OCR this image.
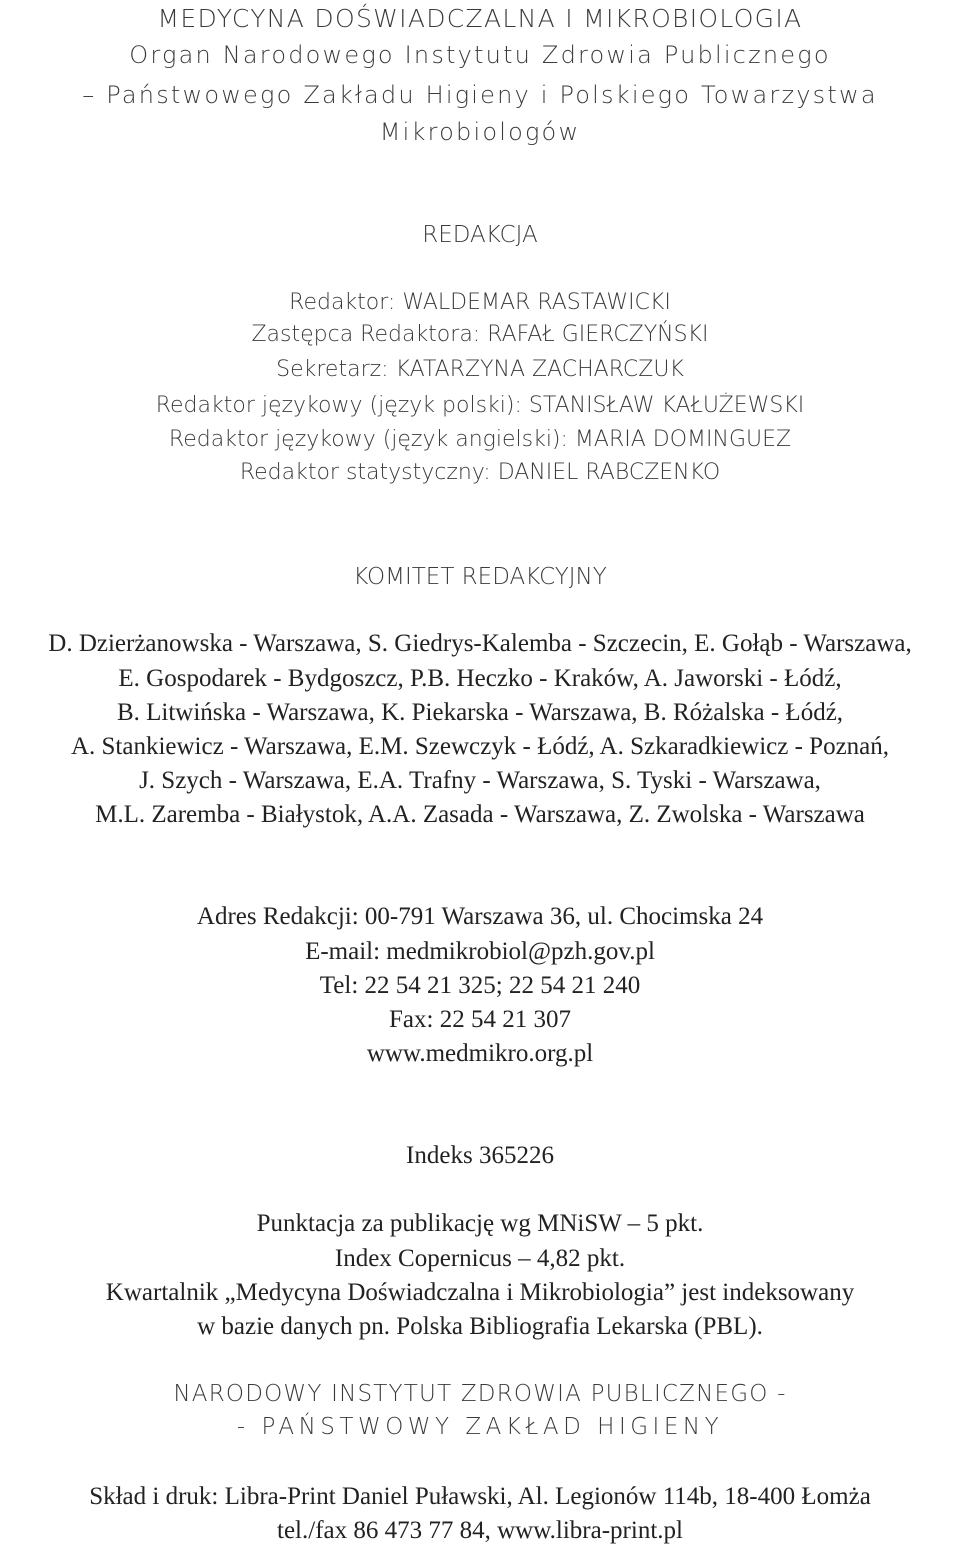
MEDYCYNA DOŚWIADCZALNA I MIKROBIOLOGIA
Organ Narodowego Instytutu Zdrowia Publicznego
– Państwowego Zakładu Higieny i Polskiego Towarzystwa
Mikrobiologów
REDAKCJA
Redaktor: WALDEMAR RASTAWICKI
Zastępca Redaktora: RAFAŁ GIERCZYŃSKI
Sekretarz: KATARZYNA ZACHARCZUK
Redaktor językowy (język polski): STANISŁAW KAŁUŻEWSKI
Redaktor językowy (język angielski): MARIA DOMINGUEZ
Redaktor statystyczny: DANIEL RABCZENKO
KOMITET REDAKCYJNY
D. Dzierżanowska - Warszawa, S. Giedrys-Kalemba - Szczecin, E. Gołąb - Warszawa,
E. Gospodarek - Bydgoszcz, P.B. Heczko - Kraków, A. Jaworski - Łódź,
B. Litwińska - Warszawa, K. Piekarska - Warszawa, B. Różalska - Łódź,
A. Stankiewicz - Warszawa, E.M. Szewczyk - Łódź, A. Szkaradkiewicz - Poznań,
J. Szych - Warszawa, E.A. Trafny - Warszawa, S. Tyski - Warszawa,
M.L. Zaremba - Białystok, A.A. Zasada - Warszawa, Z. Zwolska - Warszawa
Adres Redakcji: 00-791 Warszawa 36, ul. Chocimska 24
E-mail: medmikrobiol@pzh.gov.pl
Tel: 22 54 21 325; 22 54 21 240
Fax: 22 54 21 307
www.medmikro.org.pl
Indeks 365226
Punktacja za publikację wg MNiSW – 5 pkt.
Index Copernicus – 4,82 pkt.
Kwartalnik „Medycyna Doświadczalna i Mikrobiologia” jest indeksowany
w bazie danych pn. Polska Bibliografia Lekarska (PBL).
NARODOWY INSTYTUT ZDROWIA PUBLICZNEGO -
- PAŃSTWOWY ZAKŁAD HIGIENY
Skład i druk: Libra-Print Daniel Puławski, Al. Legionów 114b, 18-400 Łomża
tel./fax 86 473 77 84, www.libra-print.pl
